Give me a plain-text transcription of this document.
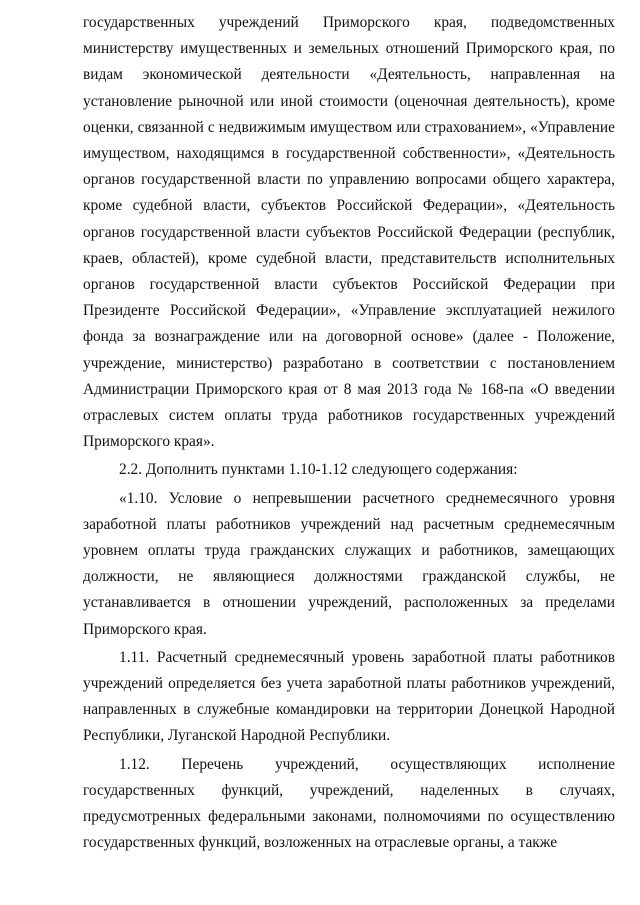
государственных учреждений Приморского края, подведомственных министерству имущественных и земельных отношений Приморского края, по видам экономической деятельности «Деятельность, направленная на установление рыночной или иной стоимости (оценочная деятельность), кроме оценки, связанной с недвижимым имуществом или страхованием», «Управление имуществом, находящимся в государственной собственности», «Деятельность органов государственной власти по управлению вопросами общего характера, кроме судебной власти, субъектов Российской Федерации», «Деятельность органов государственной власти субъектов Российской Федерации (республик, краев, областей), кроме судебной власти, представительств исполнительных органов государственной власти субъектов Российской Федерации при Президенте Российской Федерации», «Управление эксплуатацией нежилого фонда за вознаграждение или на договорной основе» (далее - Положение, учреждение, министерство) разработано в соответствии с постановлением Администрации Приморского края от 8 мая 2013 года № 168-па «О введении отраслевых систем оплаты труда работников государственных учреждений Приморского края».

2.2. Дополнить пунктами 1.10-1.12 следующего содержания:

«1.10. Условие о непревышении расчетного среднемесячного уровня заработной платы работников учреждений над расчетным среднемесячным уровнем оплаты труда гражданских служащих и работников, замещающих должности, не являющиеся должностями гражданской службы, не устанавливается в отношении учреждений, расположенных за пределами Приморского края.

1.11. Расчетный среднемесячный уровень заработной платы работников учреждений определяется без учета заработной платы работников учреждений, направленных в служебные командировки на территории Донецкой Народной Республики, Луганской Народной Республики.

1.12. Перечень учреждений, осуществляющих исполнение государственных функций, учреждений, наделенных в случаях, предусмотренных федеральными законами, полномочиями по осуществлению государственных функций, возложенных на отраслевые органы, а также
